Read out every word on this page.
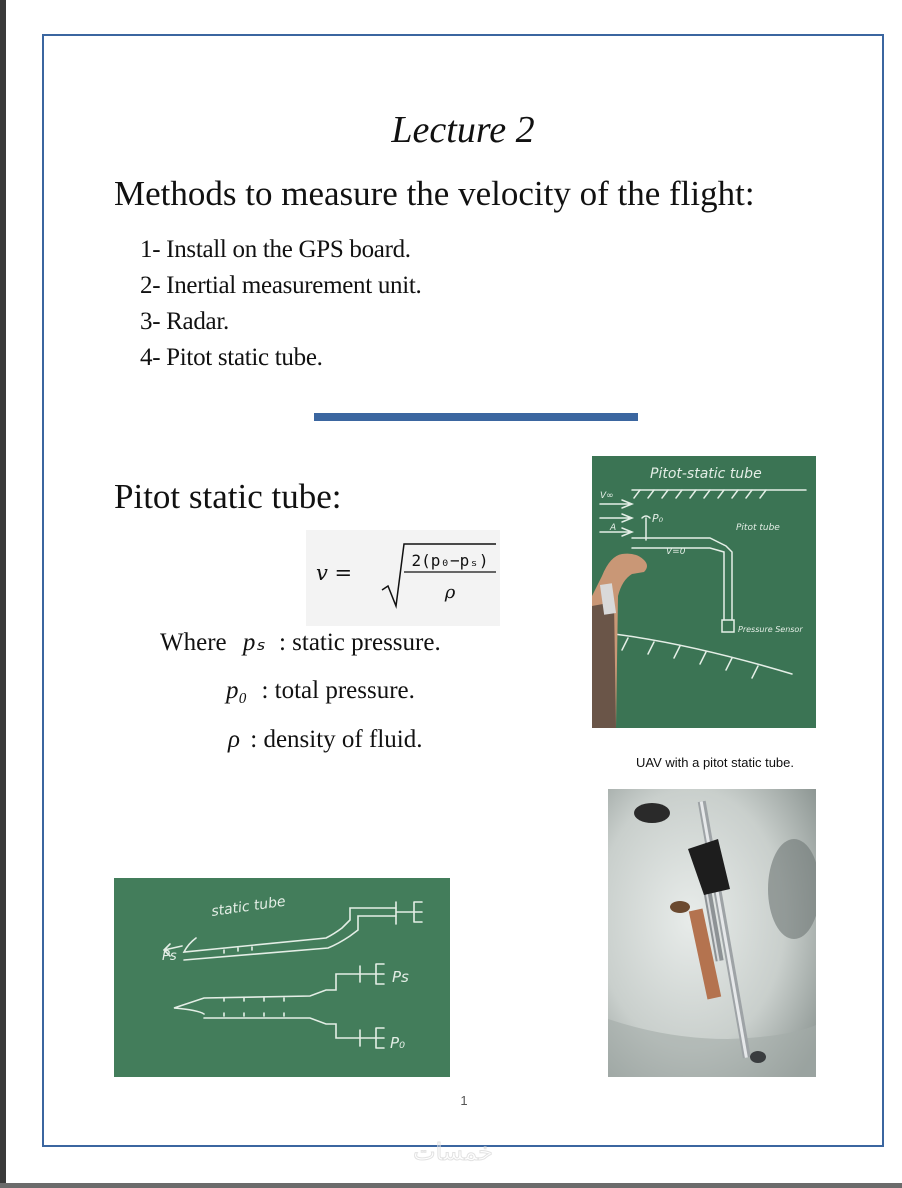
Lecture 2
Methods to measure the velocity of the flight:
1- Install on the GPS board.
2- Inertial measurement unit.
3- Radar.
4- Pitot static tube.
Pitot static tube:
v =
2(p₀−pₛ)
ρ
Where pₛ : static pressure.
p₀ : total pressure.
ρ : density of fluid.
Pitot-static tube
Pitot tube
Pressure Sensor
P₀
V∞
V=0
A
UAV with a pitot static tube.
static tube
Ps
Ps
P₀
1
خمسات
